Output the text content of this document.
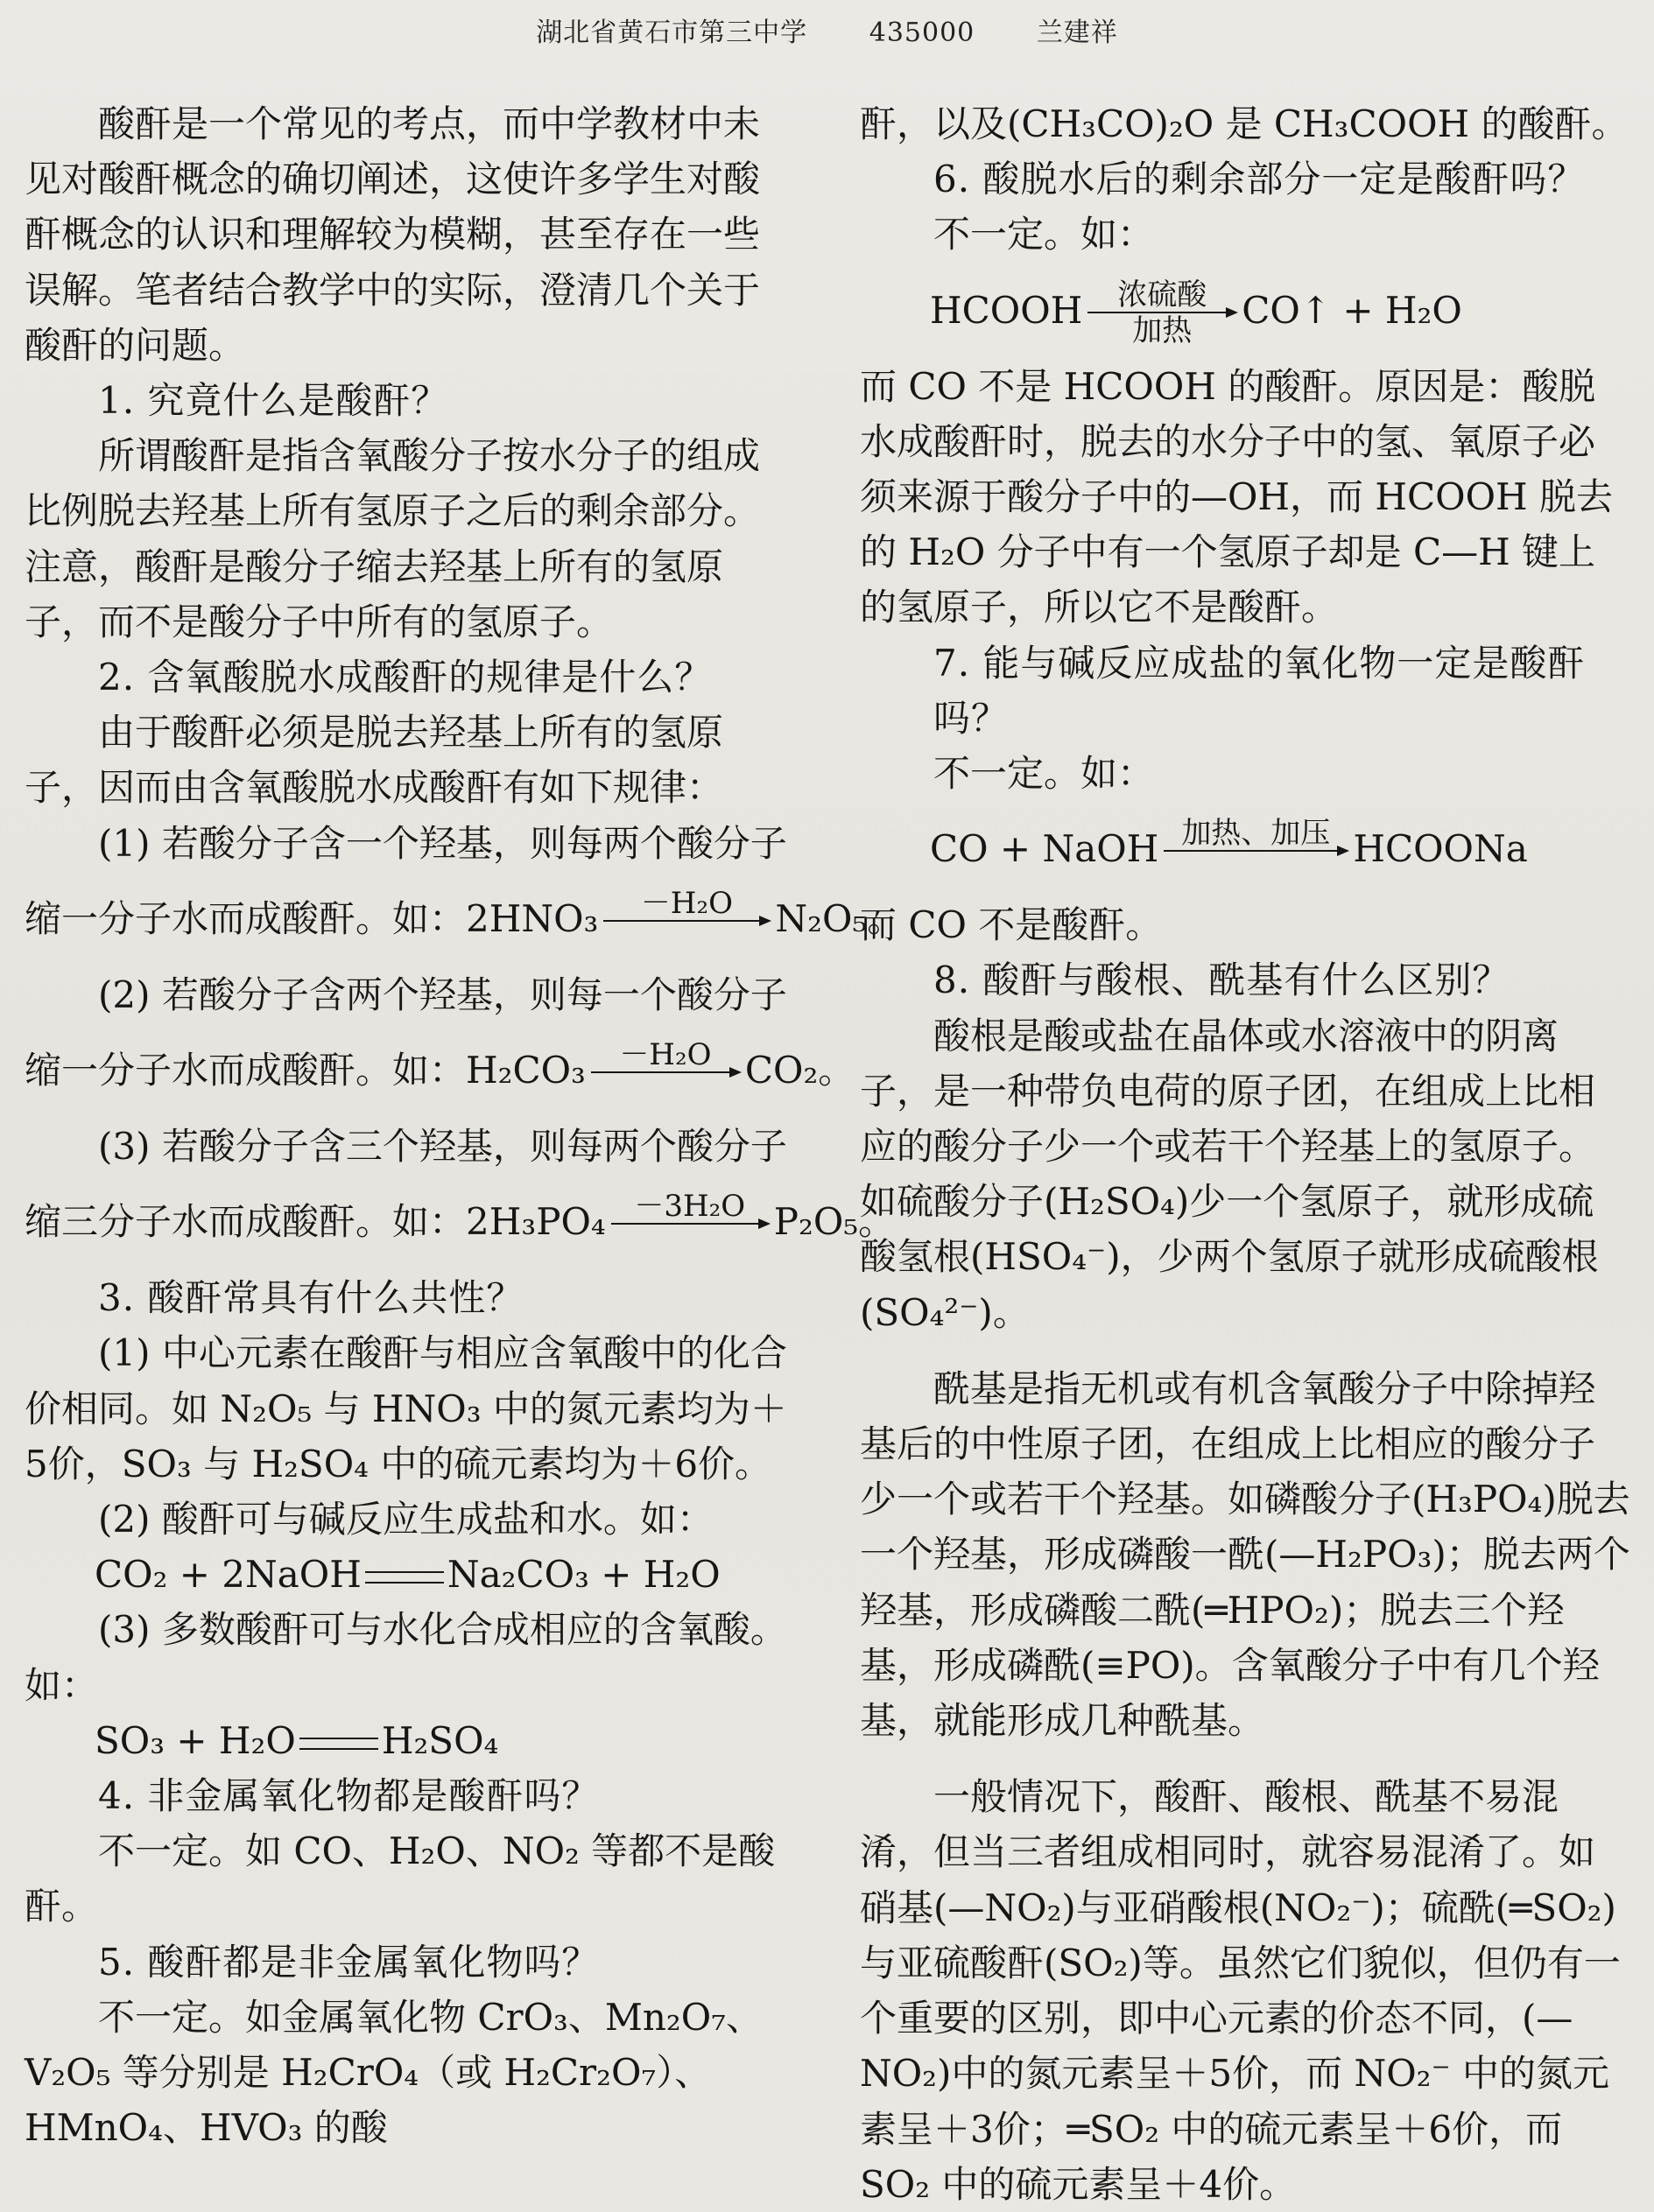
湖北省黄石市第三中学 435000 兰建祥

酸酐是一个常见的考点，而中学教材中未见对酸酐概念的确切阐述，这使许多学生对酸酐概念的认识和理解较为模糊，甚至存在一些误解。笔者结合教学中的实际，澄清几个关于酸酐的问题。

1. 究竟什么是酸酐？

所谓酸酐是指含氧酸分子按水分子的组成比例脱去羟基上所有氢原子之后的剩余部分。注意，酸酐是酸分子缩去羟基上所有的氢原子，而不是酸分子中所有的氢原子。

2. 含氧酸脱水成酸酐的规律是什么？

由于酸酐必须是脱去羟基上所有的氢原子，因而由含氧酸脱水成酸酐有如下规律：

(1) 若酸分子含一个羟基，则每两个酸分子

缩一分子水而成酸酐。如：2HNO₃	－H₂O
	N₂O₅。

(2) 若酸分子含两个羟基，则每一个酸分子

缩一分子水而成酸酐。如：H₂CO₃	－H₂O
CO₂。

(3) 若酸分子含三个羟基，则每两个酸分子

缩三分子水而成酸酐。如：2H₃PO₄ －3H₂O
P₂O₅。

3. 酸酐常具有什么共性？

(1) 中心元素在酸酐与相应含氧酸中的化合价相同。如 N₂O₅ 与 HNO₃ 中的氮元素均为＋5价，SO₃ 与 H₂SO₄ 中的硫元素均为＋6价。

(2) 酸酐可与碱反应生成盐和水。如：

CO₂ + 2NaOH Na₂CO₃ + H₂O

(3) 多数酸酐可与水化合成相应的含氧酸。

如：

SO₃ + H₂O H₂SO₄

4. 非金属氧化物都是酸酐吗？

不一定。如 CO、H₂O、NO₂ 等都不是酸酐。

5. 酸酐都是非金属氧化物吗？

不一定。如金属氧化物 CrO₃、Mn₂O₇、V₂O₅ 等分别是 H₂CrO₄（或 H₂Cr₂O₇）、HMnO₄、HVO₃ 的酸

酐，以及(CH₃CO)₂O 是 CH₃COOH 的酸酐。

6. 酸脱水后的剩余部分一定是酸酐吗？

不一定。如：

HCOOH	浓硫酸
加热	CO↑ + H₂O

而 CO 不是 HCOOH 的酸酐。原因是：酸脱水成酸酐时，脱去的水分子中的氢、氧原子必须来源于酸分子中的—OH，而 HCOOH 脱去的 H₂O 分子中有一个氢原子却是 C—H 键上的氢原子，所以它不是酸酐。

7. 能与碱反应成盐的氧化物一定是酸酐吗？

不一定。如：

CO + NaOH 加热、加压
HCOONa

而 CO 不是酸酐。

8. 酸酐与酸根、酰基有什么区别？

酸根是酸或盐在晶体或水溶液中的阴离子，是一种带负电荷的原子团，在组成上比相应的酸分子少一个或若干个羟基上的氢原子。如硫酸分子(H₂SO₄)少一个氢原子，就形成硫酸氢根(HSO₄⁻)，少两个氢原子就形成硫酸根(SO₄²⁻)。

酰基是指无机或有机含氧酸分子中除掉羟基后的中性原子团，在组成上比相应的酸分子少一个或若干个羟基。如磷酸分子(H₃PO₄)脱去一个羟基，形成磷酸一酰(—H₂PO₃)；脱去两个羟基，形成磷酸二酰(═HPO₂)；脱去三个羟基，形成磷酰(≡PO)。含氧酸分子中有几个羟基，就能形成几种酰基。

一般情况下，酸酐、酸根、酰基不易混淆，但当三者组成相同时，就容易混淆了。如硝基(—NO₂)与亚硝酸根(NO₂⁻)；硫酰(═SO₂)与亚硫酸酐(SO₂)等。虽然它们貌似，但仍有一个重要的区别，即中心元素的价态不同，(—NO₂)中的氮元素呈＋5价，而 NO₂⁻ 中的氮元素呈＋3价；═SO₂ 中的硫元素呈＋6价，而 SO₂ 中的硫元素呈＋4价。
